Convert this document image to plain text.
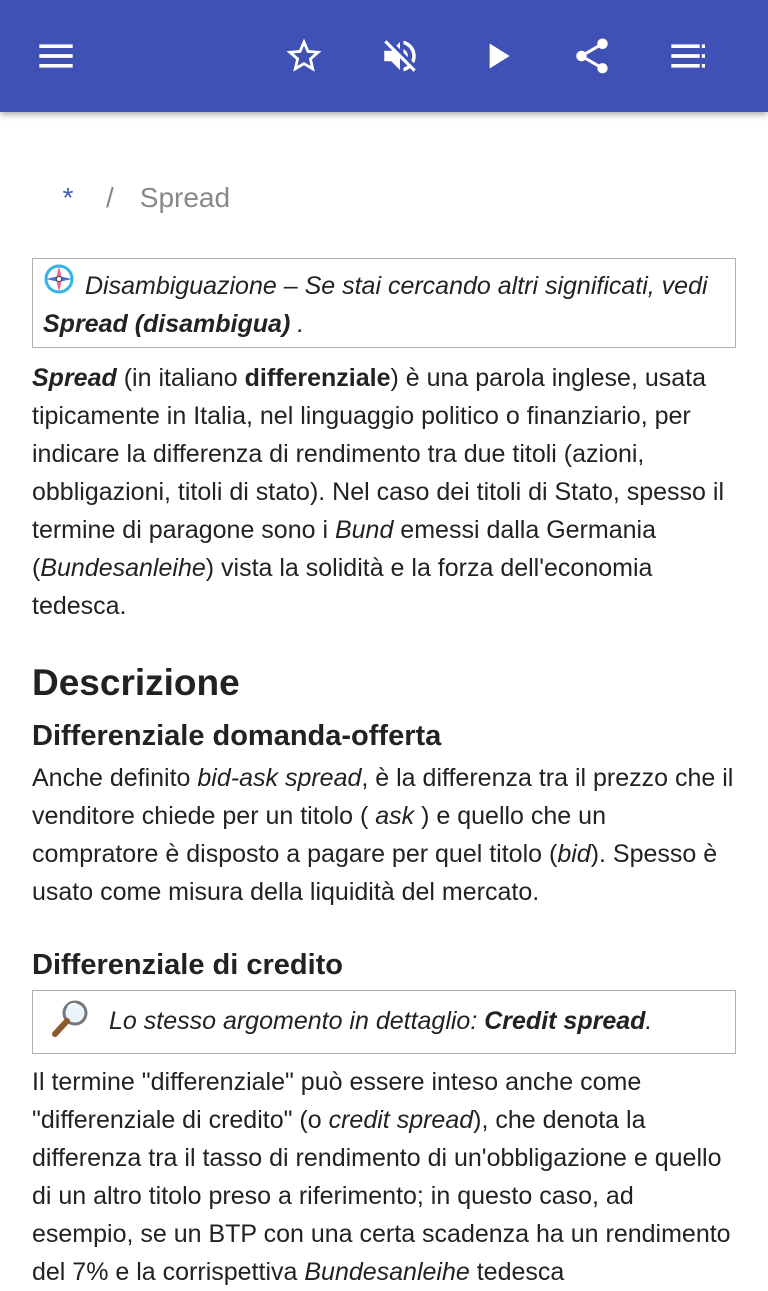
* / Spread
Disambiguazione – Se stai cercando altri significati, vedi
Spread (disambigua) .
Spread (in italiano differenziale) è una parola inglese, usata tipicamente in Italia, nel linguaggio politico o finanziario, per indicare la differenza di rendimento tra due titoli (azioni, obbligazioni, titoli di stato). Nel caso dei titoli di Stato, spesso il termine di paragone sono i Bund emessi dalla Germania (Bundesanleihe) vista la solidità e la forza dell'economia tedesca.
Descrizione
Differenziale domanda-offerta
Anche definito bid-ask spread, è la differenza tra il prezzo che il venditore chiede per un titolo ( ask ) e quello che un compratore è disposto a pagare per quel titolo (bid). Spesso è usato come misura della liquidità del mercato.
Differenziale di credito
Lo stesso argomento in dettaglio: Credit spread.
Il termine "differenziale" può essere inteso anche come "differenziale di credito" (o credit spread), che denota la differenza tra il tasso di rendimento di un'obbligazione e quello di un altro titolo preso a riferimento; in questo caso, ad esempio, se un BTP con una certa scadenza ha un rendimento del 7% e la corrispettiva Bundesanleihe tedesca
